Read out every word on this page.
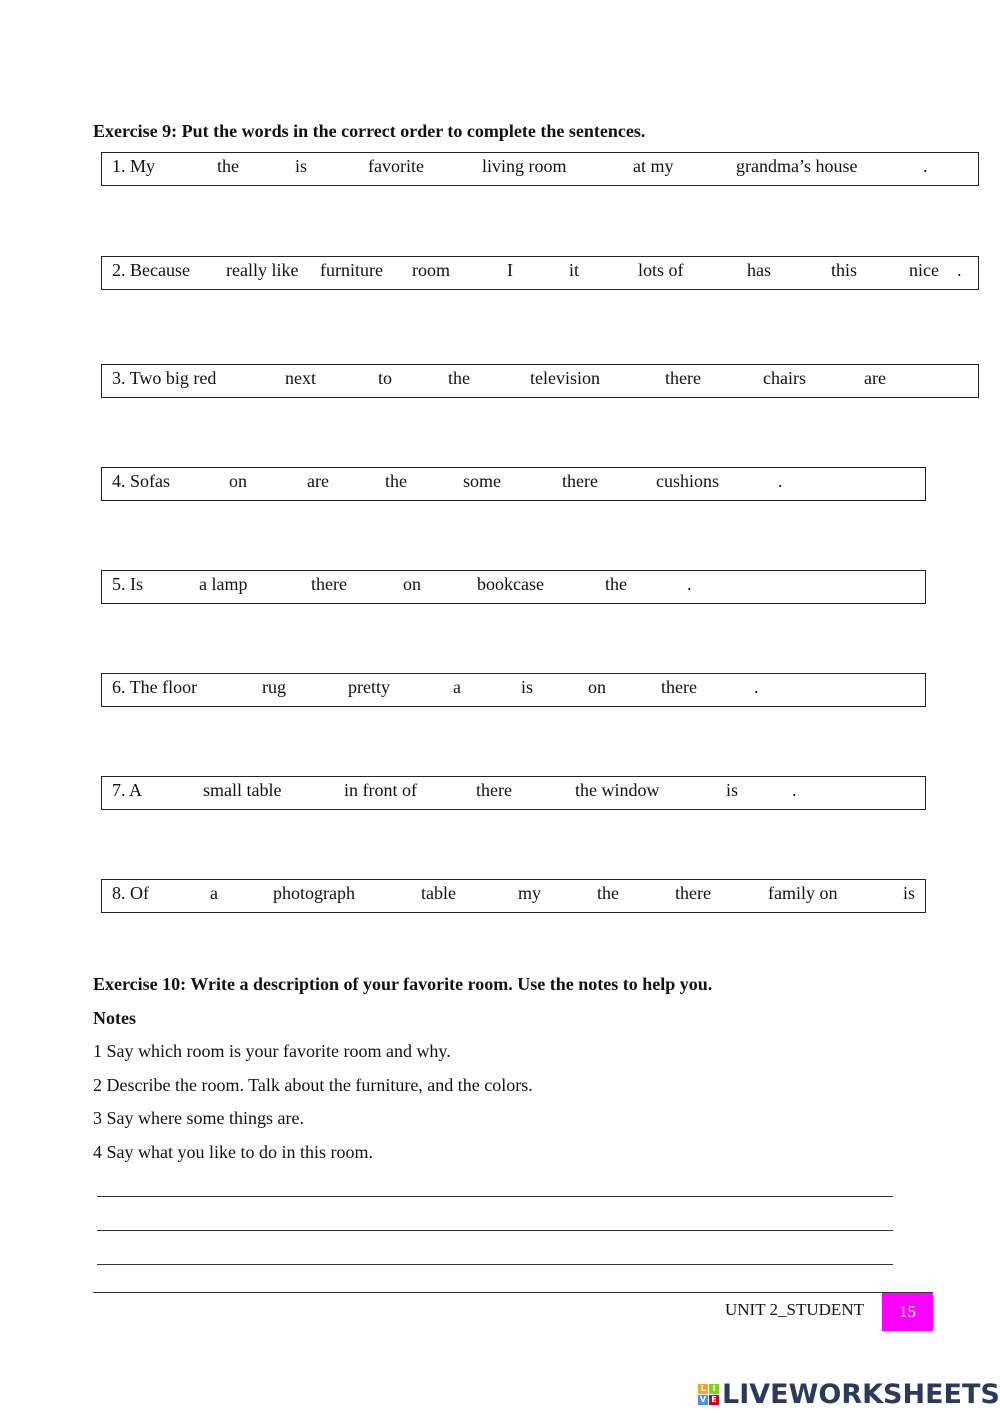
Exercise 9: Put the words in the correct order to complete the sentences.
1. My	the	is	favorite	living room	at my	grandma’s house	.
2. Because really like furniture room	I	it	lots of	has	this	nice .
3. Two big red	next	to	the	television	there	chairs	are
4. Sofas	on	are	the	some	there	cushions	.
5. Is	a lamp	there	on	bookcase	the	.
6. The floor	rug	pretty	a	is	on	there	.
7. A	small table	in front of	there	the window	is	.
8. Of	a	photograph	table	my	the	there	family on	is
Exercise 10: Write a description of your favorite room. Use the notes to help you.
Notes
1 Say which room is your favorite room and why.
2 Describe the room. Talk about the furniture, and the colors.
3 Say where some things are.
4 Say what you like to do in this room.
UNIT 2_STUDENT 15
L I
V E LIVEWORKSHEETS
